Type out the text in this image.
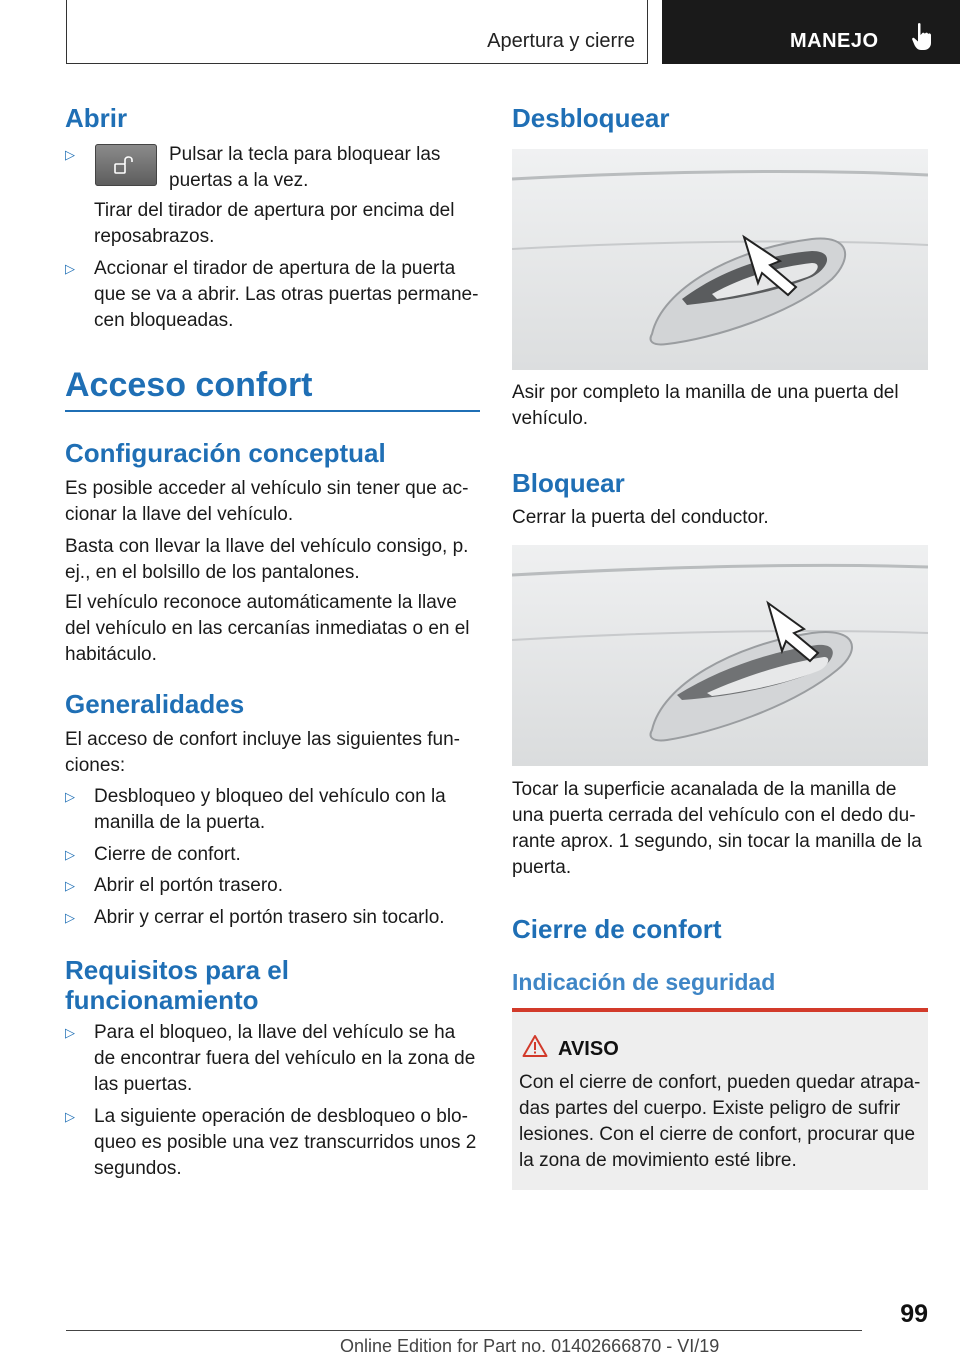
Apertura y cierre	MANEJO
Abrir
▷	Pulsar la tecla para bloquear las
puertas a la vez.
Tirar del tirador de apertura por encima del reposabrazos.
▷ Accionar el tirador de apertura de la puerta que se va a abrir. Las otras puertas permanecen bloqueadas.
Acceso confort
Configuración conceptual
Es posible acceder al vehículo sin tener que accionar la llave del vehículo.
Basta con llevar la llave del vehículo consigo, p. ej., en el bolsillo de los pantalones.
El vehículo reconoce automáticamente la llave del vehículo en las cercanías inmediatas o en el habitáculo.
Generalidades
El acceso de confort incluye las siguientes funciones:
▷ Desbloqueo y bloqueo del vehículo con la manilla de la puerta.
▷ Cierre de confort.
▷ Abrir el portón trasero.
▷ Abrir y cerrar el portón trasero sin tocarlo.
Requisitos para el
funcionamiento
▷ Para el bloqueo, la llave del vehículo se ha de encontrar fuera del vehículo en la zona de las puertas.
▷ La siguiente operación de desbloqueo o bloqueo es posible una vez transcurridos unos 2 segundos.
Desbloquear
Asir por completo la manilla de una puerta del vehículo.
Bloquear
Cerrar la puerta del conductor.
Tocar la superficie acanalada de la manilla de una puerta cerrada del vehículo con el dedo durante aprox. 1 segundo, sin tocar la manilla de la puerta.
Cierre de confort
Indicación de seguridad
AVISO
Con el cierre de confort, pueden quedar atrapadas partes del cuerpo. Existe peligro de sufrir lesiones. Con el cierre de confort, procurar que la zona de movimiento esté libre.
99
Online Edition for Part no. 01402666870 - VI/19
